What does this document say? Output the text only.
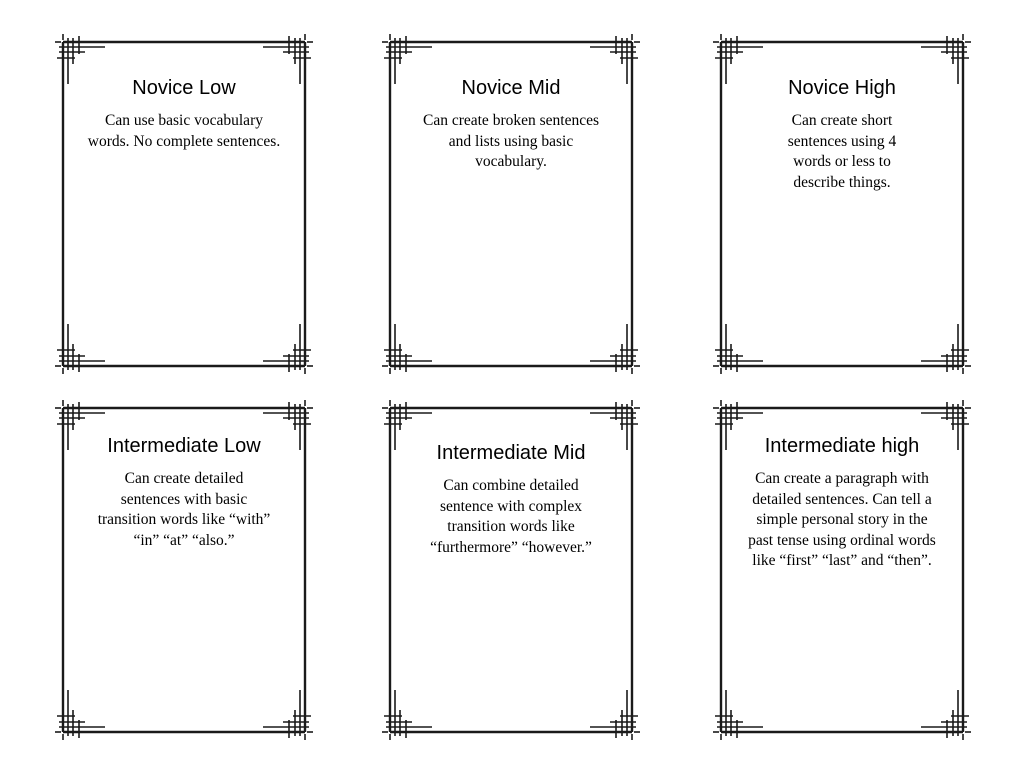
Novice Low

Can use basic vocabulary words. No complete sentences.

Novice Mid

Can create broken sentences and lists using basic vocabulary.

Novice High

Can create short sentences using 4 words or less to describe things.

Intermediate Low

Can create detailed sentences with basic transition words like “with” “in” “at” “also.”

Intermediate Mid

Can combine detailed sentence with complex transition words like “furthermore” “however.”

Intermediate high

Can create a paragraph with detailed sentences. Can tell a simple personal story in the past tense using ordinal words like “first” “last” and “then”.
